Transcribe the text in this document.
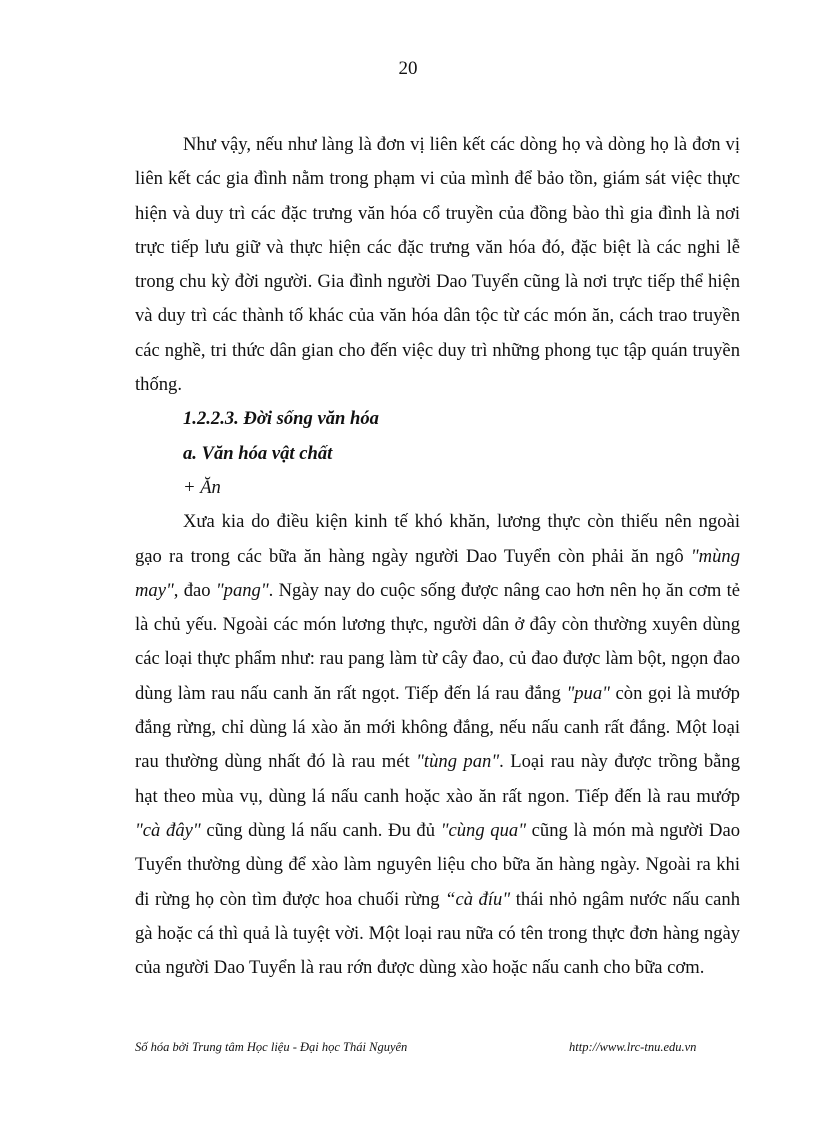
20

Như vậy, nếu như làng là đơn vị liên kết các dòng họ và dòng họ là đơn vị liên kết các gia đình nằm trong phạm vi của mình để bảo tồn, giám sát việc thực hiện và duy trì các đặc trưng văn hóa cổ truyền của đồng bào thì gia đình là nơi trực tiếp lưu giữ và thực hiện các đặc trưng văn hóa đó, đặc biệt là các nghi lễ trong chu kỳ đời người. Gia đình người Dao Tuyển cũng là nơi trực tiếp thể hiện và duy trì các thành tố khác của văn hóa dân tộc từ các món ăn, cách trao truyền các nghề, tri thức dân gian cho đến việc duy trì những phong tục tập quán truyền thống.

1.2.2.3. Đời sống văn hóa

a. Văn hóa vật chất

+ Ăn

Xưa kia do điều kiện kinh tế khó khăn, lương thực còn thiếu nên ngoài gạo ra trong các bữa ăn hàng ngày người Dao Tuyển còn phải ăn ngô "mùng may", đao "pang". Ngày nay do cuộc sống được nâng cao hơn nên họ ăn cơm tẻ là chủ yếu. Ngoài các món lương thực, người dân ở đây còn thường xuyên dùng các loại thực phẩm như: rau pang làm từ cây đao, củ đao được làm bột, ngọn đao dùng làm rau nấu canh ăn rất ngọt. Tiếp đến lá rau đắng "pua" còn gọi là mướp đắng rừng, chỉ dùng lá xào ăn mới không đắng, nếu nấu canh rất đắng. Một loại rau thường dùng nhất đó là rau mét "tùng pan". Loại rau này được trồng bằng hạt theo mùa vụ, dùng lá nấu canh hoặc xào ăn rất ngon. Tiếp đến là rau mướp "cà đây" cũng dùng lá nấu canh. Đu đủ "cùng qua" cũng là món mà người Dao Tuyển thường dùng để xào làm nguyên liệu cho bữa ăn hàng ngày. Ngoài ra khi đi rừng họ còn tìm được hoa chuối rừng “cà đíu" thái nhỏ ngâm nước nấu canh gà hoặc cá thì quả là tuyệt vời. Một loại rau nữa có tên trong thực đơn hàng ngày của người Dao Tuyển là rau rớn được dùng xào hoặc nấu canh cho bữa cơm.

Số hóa bởi Trung tâm Học liệu - Đại học Thái Nguyên	http://www.lrc-tnu.edu.vn
